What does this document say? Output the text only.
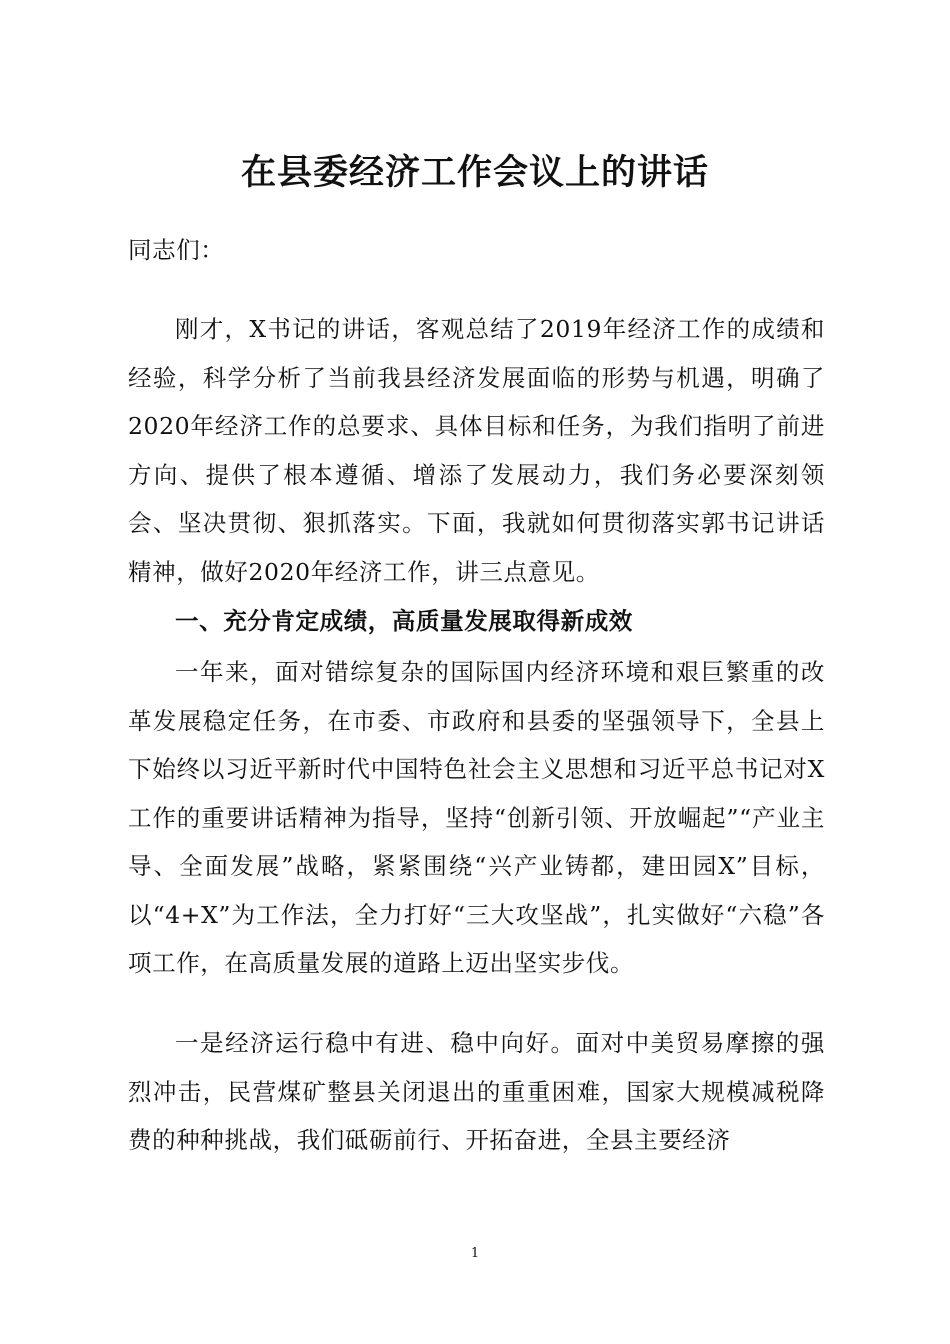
在县委经济工作会议上的讲话
同志们：
刚才，X书记的讲话，客观总结了2019年经济工作的成绩和经验，科学分析了当前我县经济发展面临的形势与机遇，明确了2020年经济工作的总要求、具体目标和任务，为我们指明了前进方向、提供了根本遵循、增添了发展动力，我们务必要深刻领会、坚决贯彻、狠抓落实。下面，我就如何贯彻落实郭书记讲话精神，做好2020年经济工作，讲三点意见。
一、充分肯定成绩，高质量发展取得新成效
一年来，面对错综复杂的国际国内经济环境和艰巨繁重的改革发展稳定任务，在市委、市政府和县委的坚强领导下，全县上下始终以习近平新时代中国特色社会主义思想和习近平总书记对X工作的重要讲话精神为指导，坚持“创新引领、开放崛起”“产业主导、全面发展”战略，紧紧围绕“兴产业铸都，建田园X”目标，以“4+X”为工作法，全力打好“三大攻坚战”，扎实做好“六稳”各项工作，在高质量发展的道路上迈出坚实步伐。
一是经济运行稳中有进、稳中向好。面对中美贸易摩擦的强烈冲击，民营煤矿整县关闭退出的重重困难，国家大规模减税降费的种种挑战，我们砥砺前行、开拓奋进，全县主要经济
1
